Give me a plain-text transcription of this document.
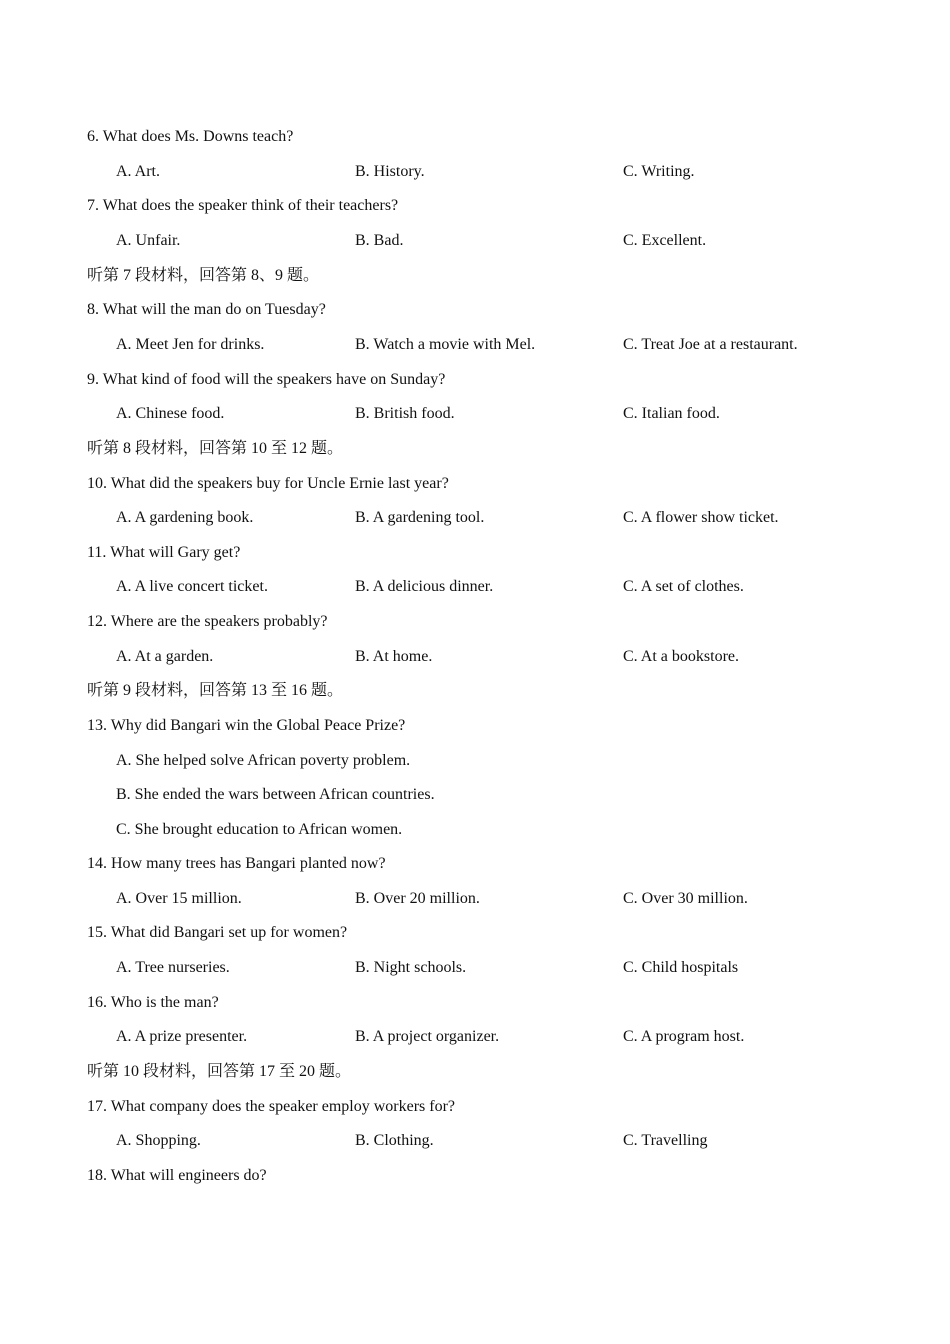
6. What does Ms. Downs teach?
A. Art.	B. History.	C. Writing.
7. What does the speaker think of their teachers?
A. Unfair.	B. Bad.	C. Excellent.
听第 7 段材料，回答第 8、9 题。
8. What will the man do on Tuesday?
A. Meet Jen for drinks.	B. Watch a movie with Mel.	C. Treat Joe at a restaurant.
9. What kind of food will the speakers have on Sunday?
A. Chinese food.	B. British food.	C. Italian food.
听第 8 段材料，回答第 10 至 12 题。
10. What did the speakers buy for Uncle Ernie last year?
A. A gardening book.	B. A gardening tool.	C. A flower show ticket.
11. What will Gary get?
A. A live concert ticket.	B. A delicious dinner.	C. A set of clothes.
12. Where are the speakers probably?
A. At a garden.	B. At home.	C. At a bookstore.
听第 9 段材料，回答第 13 至 16 题。
13. Why did Bangari win the Global Peace Prize?
A. She helped solve African poverty problem.
B. She ended the wars between African countries.
C. She brought education to African women.
14. How many trees has Bangari planted now?
A. Over 15 million.	B. Over 20 million.	C. Over 30 million.
15. What did Bangari set up for women?
A. Tree nurseries.	B. Night schools.	C. Child hospitals
16. Who is the man?
A. A prize presenter.	B. A project organizer.	C. A program host.
听第 10 段材料，回答第 17 至 20 题。
17. What company does the speaker employ workers for?
A. Shopping.	B. Clothing.	C. Travelling
18. What will engineers do?
